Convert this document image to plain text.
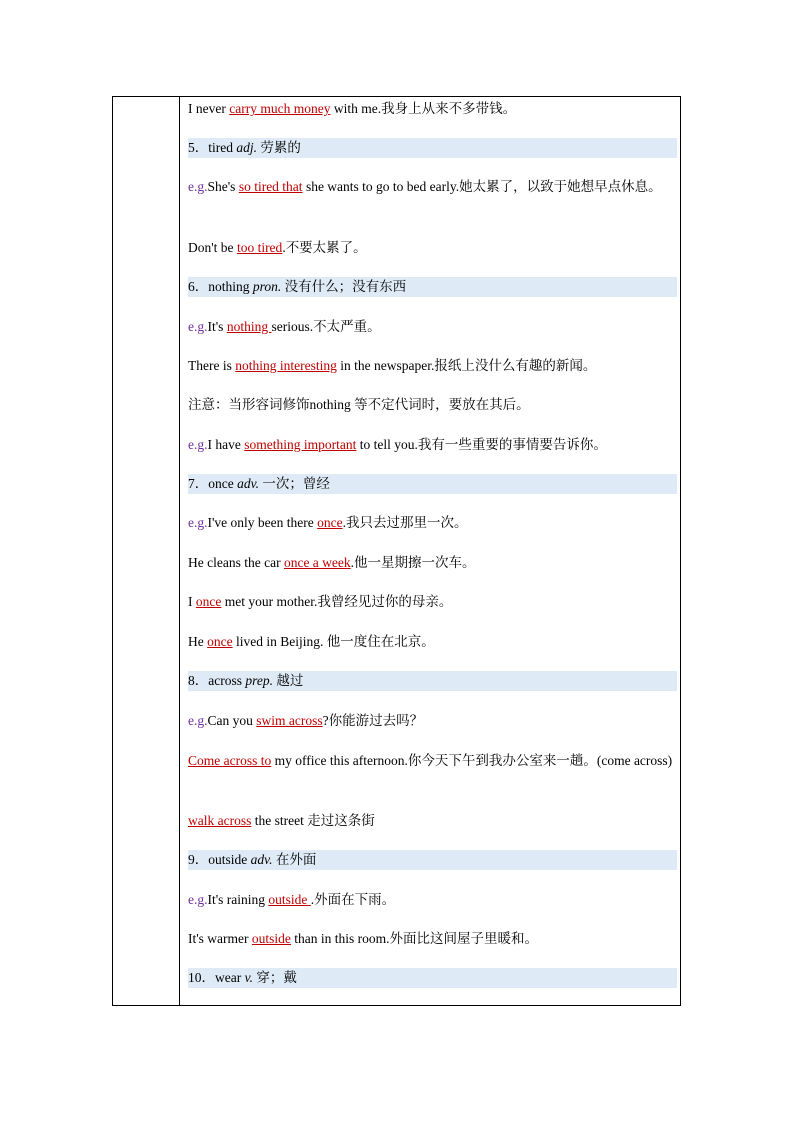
I never carry much money with me.我身上从来不多带钱。
5．tired adj. 劳累的
e.g.She's so tired that she wants to go to bed early.她太累了，以致于她想早点休息。
Don't be too tired.不要太累了。
6．nothing pron. 没有什么；没有东西
e.g.It's nothing serious.不太严重。
There is nothing interesting in the newspaper.报纸上没什么有趣的新闻。
注意：当形容词修饰nothing 等不定代词时，要放在其后。
e.g.I have something important to tell you.我有一些重要的事情要告诉你。
7．once adv. 一次；曾经
e.g.I've only been there once.我只去过那里一次。
He cleans the car once a week.他一星期擦一次车。
I once met your mother.我曾经见过你的母亲。
He once lived in Beijing. 他一度住在北京。
8．across prep. 越过
e.g.Can you swim across?你能游过去吗？
Come across to my office this afternoon.你今天下午到我办公室来一趟。(come across)
walk across the street 走过这条街
9．outside adv. 在外面
e.g.It's raining outside .外面在下雨。
It's warmer outside than in this room.外面比这间屋子里暖和。
10．wear v. 穿；戴
